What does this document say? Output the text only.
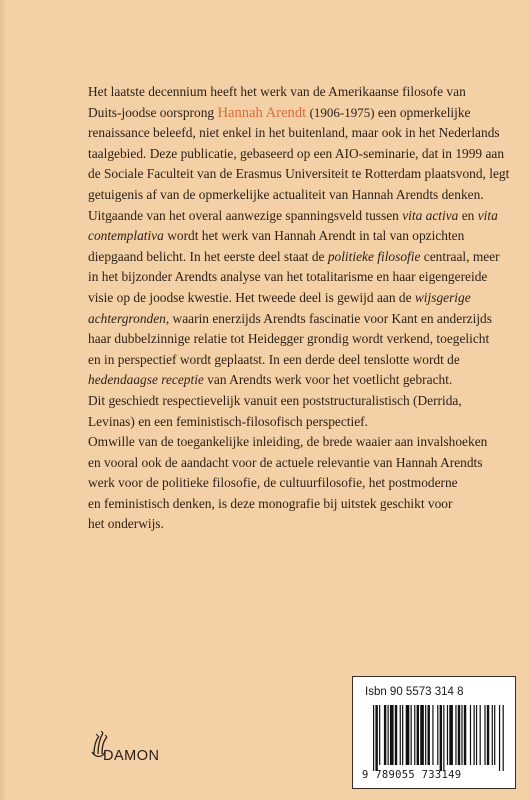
Het laatste decennium heeft het werk van de Amerikaanse filosofe van
Duits-joodse oorsprong Hannah Arendt (1906-1975) een opmerkelijke
renaissance beleefd, niet enkel in het buitenland, maar ook in het Nederlands
taalgebied. Deze publicatie, gebaseerd op een AIO-seminarie, dat in 1999 aan
de Sociale Faculteit van de Erasmus Universiteit te Rotterdam plaatsvond, legt
getuigenis af van de opmerkelijke actualiteit van Hannah Arendts denken.
Uitgaande van het overal aanwezige spanningsveld tussen vita activa en vita
contemplativa wordt het werk van Hannah Arendt in tal van opzichten
diepgaand belicht. In het eerste deel staat de politieke filosofie centraal, meer
in het bijzonder Arendts analyse van het totalitarisme en haar eigengereide
visie op de joodse kwestie. Het tweede deel is gewijd aan de wijsgerige
achtergronden, waarin enerzijds Arendts fascinatie voor Kant en anderzijds
haar dubbelzinnige relatie tot Heidegger grondig wordt verkend, toegelicht
en in perspectief wordt geplaatst. In een derde deel tenslotte wordt de
hedendaagse receptie van Arendts werk voor het voetlicht gebracht.
Dit geschiedt respectievelijk vanuit een poststructuralistisch (Derrida,
Levinas) en een feministisch-filosofisch perspectief.
Omwille van de toegankelijke inleiding, de brede waaier aan invalshoeken
en vooral ook de aandacht voor de actuele relevantie van Hannah Arendts
werk voor de politieke filosofie, de cultuurfilosofie, het postmoderne
en feministisch denken, is deze monografie bij uitstek geschikt voor
het onderwijs.
DAMON
Isbn 90 5573 314 8
9 789055 733149
